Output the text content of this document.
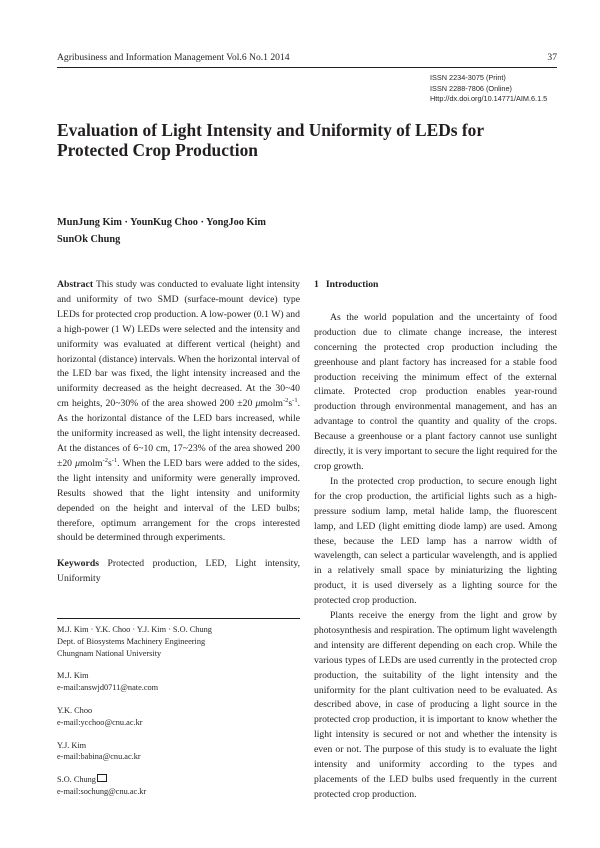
Agribusiness and Information Management Vol.6 No.1 2014	37
ISSN 2234-3075 (Print)
ISSN 2288-7806 (Online)
Http://dx.doi.org/10.14771/AIM.6.1.5
Evaluation of Light Intensity and Uniformity of LEDs for Protected Crop Production
MunJung Kim · YounKug Choo · YongJoo Kim
SunOk Chung

Abstract This study was conducted to evaluate light intensity and uniformity of two SMD (surface-mount device) type LEDs for protected crop production. A low-power (0.1 W) and a high-power (1 W) LEDs were selected and the intensity and uniformity was evaluated at different vertical (height) and horizontal (distance) intervals. When the horizontal interval of the LED bar was fixed, the light intensity increased and the uniformity decreased as the height decreased. At the 30~40 cm heights, 20~30% of the area showed 200 ±20 $\mu molm^{-2}s^{-1}$. As the horizontal distance of the LED bars increased, while the uniformity increased as well, the light intensity decreased. At the distances of 6~10 cm, 17~23% of the area showed 200 ±20 $\mu molm^{-2}s^{-1}$. When the LED bars were added to the sides, the light intensity and uniformity were generally improved. Results showed that the light intensity and uniformity depended on the height and interval of the LED bulbs; therefore, optimum arrangement for the crops interested should be determined through experiments.

Keywords Protected production, LED, Light intensity, Uniformity

M.J. Kim · Y.K. Choo · Y.J. Kim · S.O. Chung
Dept. of Biosystems Machinery Engineering
Chungnam National University
M.J. Kim
e-mail:answjd0711@nate.com
Y.K. Choo
e-mail:ycchoo@cnu.ac.kr
Y.J. Kim
e-mail:babina@cnu.ac.kr
S.O. Chung
e-mail:sochung@cnu.ac.kr
1 Introduction

As the world population and the uncertainty of food production due to climate change increase, the interest concerning the protected crop production including the greenhouse and plant factory has increased for a stable food production receiving the minimum effect of the external climate. Protected crop production enables year-round production through environmental management, and has an advantage to control the quantity and quality of the crops. Because a greenhouse or a plant factory cannot use sunlight directly, it is very important to secure the light required for the crop growth.

In the protected crop production, to secure enough light for the crop production, the artificial lights such as a high-pressure sodium lamp, metal halide lamp, the fluorescent lamp, and LED (light emitting diode lamp) are used. Among these, because the LED lamp has a narrow width of wavelength, can select a particular wavelength, and is applied in a relatively small space by miniaturizing the lighting product, it is used diversely as a lighting source for the protected crop production.

Plants receive the energy from the light and grow by photosynthesis and respiration. The optimum light wavelength and intensity are different depending on each crop. While the various types of LEDs are used currently in the protected crop production, the suitability of the light intensity and the uniformity for the plant cultivation need to be evaluated. As described above, in case of producing a light source in the protected crop production, it is important to know whether the light intensity is secured or not and whether the intensity is even or not. The purpose of this study is to evaluate the light intensity and uniformity according to the types and placements of the LED bulbs used frequently in the current protected crop production.
